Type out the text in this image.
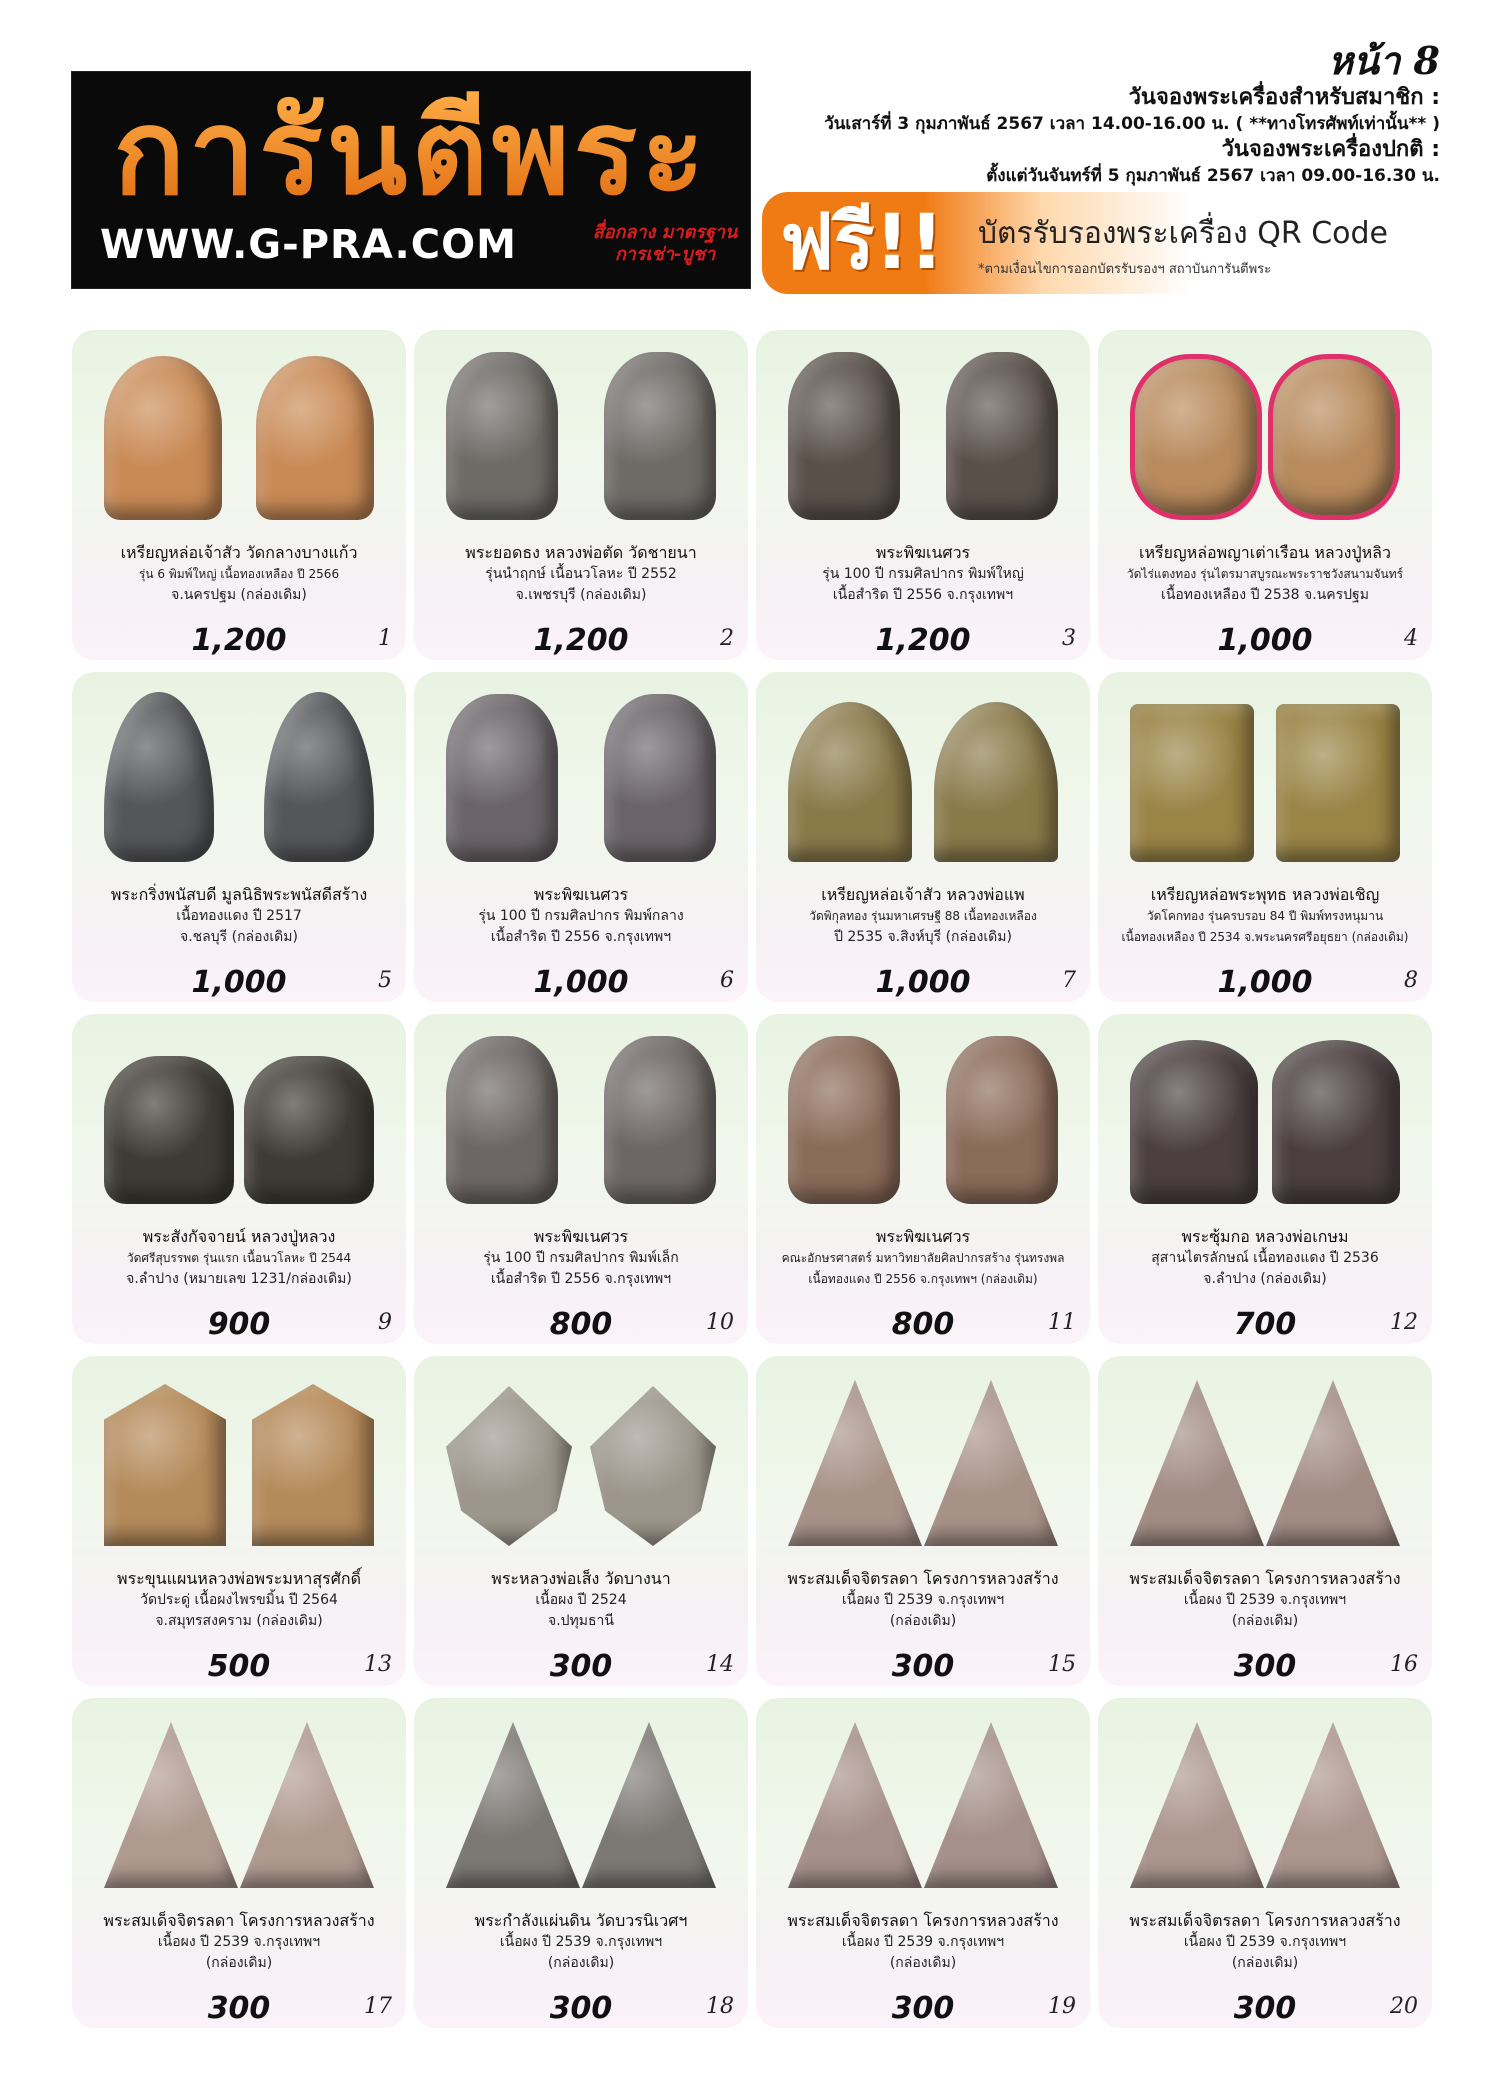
หน้า 8
การันตีพระ
WWW.G-PRA.COM	สื่อกลาง มาตรฐาน การเช่า-บูชา
วันจองพระเครื่องสำหรับสมาชิก :
วันเสาร์ที่ 3 กุมภาพันธ์ 2567 เวลา 14.00-16.00 น. ( **ทางโทรศัพท์เท่านั้น** )
วันจองพระเครื่องปกติ :
ตั้งแต่วันจันทร์ที่ 5 กุมภาพันธ์ 2567 เวลา 09.00-16.30 น.
ฟรี!! บัตรรับรองพระเครื่อง QR Code
*ตามเงื่อนไขการออกบัตรรับรองฯ สถาบันการันตีพระ
เหรียญหล่อเจ้าสัว วัดกลางบางแก้ว
รุ่น 6 พิมพ์ใหญ่ เนื้อทองเหลือง ปี 2566
จ.นครปฐม (กล่องเดิม)
1,200	1
พระยอดธง หลวงพ่อตัด วัดชายนา
รุ่นนำฤกษ์ เนื้อนวโลหะ ปี 2552
จ.เพชรบุรี (กล่องเดิม)
1,200	2
พระพิฆเนศวร
รุ่น 100 ปี กรมศิลปากร พิมพ์ใหญ่
เนื้อสำริด ปี 2556 จ.กรุงเทพฯ
1,200	3
เหรียญหล่อพญาเต่าเรือน หลวงปู่หลิว
วัดไร่แตงทอง รุ่นไตรมาสบูรณะพระราชวังสนามจันทร์
เนื้อทองเหลือง ปี 2538 จ.นครปฐม
1,000	4
พระกริ่งพนัสบดี มูลนิธิพระพนัสดีสร้าง
เนื้อทองแดง ปี 2517
จ.ชลบุรี (กล่องเดิม)
1,000	5
พระพิฆเนศวร
รุ่น 100 ปี กรมศิลปากร พิมพ์กลาง
เนื้อสำริด ปี 2556 จ.กรุงเทพฯ
1,000	6
เหรียญหล่อเจ้าสัว หลวงพ่อแพ
วัดพิกุลทอง รุ่นมหาเศรษฐี 88 เนื้อทองเหลือง
ปี 2535 จ.สิงห์บุรี (กล่องเดิม)
1,000	7
เหรียญหล่อพระพุทธ หลวงพ่อเชิญ
วัดโคกทอง รุ่นครบรอบ 84 ปี พิมพ์ทรงหนุมาน
เนื้อทองเหลือง ปี 2534 จ.พระนครศรีอยุธยา (กล่องเดิม)
1,000	8
พระสังกัจจายน์ หลวงปู่หลวง
วัดศรีสุบรรพต รุ่นแรก เนื้อนวโลหะ ปี 2544
จ.ลำปาง (หมายเลข 1231/กล่องเดิม)
900	9
พระพิฆเนศวร
รุ่น 100 ปี กรมศิลปากร พิมพ์เล็ก
เนื้อสำริด ปี 2556 จ.กรุงเทพฯ
800	10
พระพิฆเนศวร
คณะอักษรศาสตร์ มหาวิทยาลัยศิลปากรสร้าง รุ่นทรงพล
เนื้อทองแดง ปี 2556 จ.กรุงเทพฯ (กล่องเดิม)
800	11
พระซุ้มกอ หลวงพ่อเกษม
สุสานไตรลักษณ์ เนื้อทองแดง ปี 2536
จ.ลำปาง (กล่องเดิม)
700	12
พระขุนแผนหลวงพ่อพระมหาสุรศักดิ์
วัดประดู่ เนื้อผงไพรขมิ้น ปี 2564
จ.สมุทรสงคราม (กล่องเดิม)
500	13
พระหลวงพ่อเส็ง วัดบางนา
เนื้อผง ปี 2524
จ.ปทุมธานี
300	14
พระสมเด็จจิตรลดา โครงการหลวงสร้าง
เนื้อผง ปี 2539 จ.กรุงเทพฯ
(กล่องเดิม)
300	15
พระสมเด็จจิตรลดา โครงการหลวงสร้าง
เนื้อผง ปี 2539 จ.กรุงเทพฯ
(กล่องเดิม)
300	16
พระสมเด็จจิตรลดา โครงการหลวงสร้าง
เนื้อผง ปี 2539 จ.กรุงเทพฯ
(กล่องเดิม)
300	17
พระกำลังแผ่นดิน วัดบวรนิเวศฯ
เนื้อผง ปี 2539 จ.กรุงเทพฯ
(กล่องเดิม)
300	18
พระสมเด็จจิตรลดา โครงการหลวงสร้าง
เนื้อผง ปี 2539 จ.กรุงเทพฯ
(กล่องเดิม)
300	19
พระสมเด็จจิตรลดา โครงการหลวงสร้าง
เนื้อผง ปี 2539 จ.กรุงเทพฯ
(กล่องเดิม)
300	20
